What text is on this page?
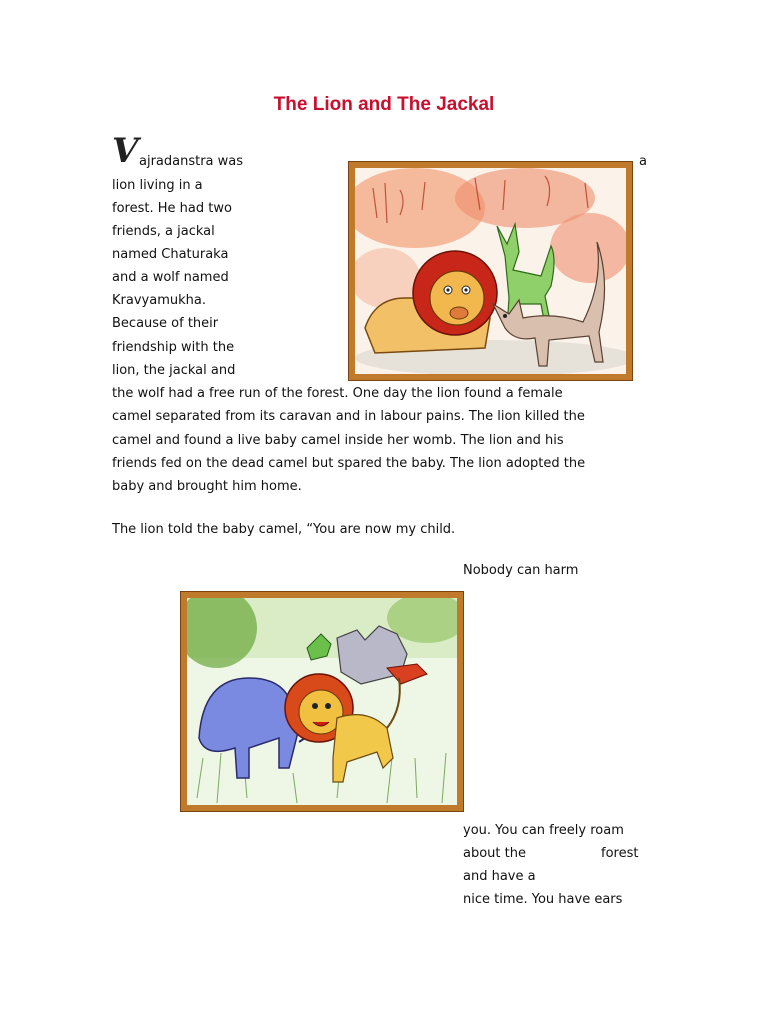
The Lion and The Jackal
V ajradanstra was	a
lion living in a
forest. He had two
friends, a jackal
named Chaturaka
and a wolf named
Kravyamukha.
Because of their
friendship with the
lion, the jackal and
the wolf had a free run of the forest. One day the lion found a female
camel separated from its caravan and in labour pains. The lion killed the
camel and found a live baby camel inside her womb. The lion and his
friends fed on the dead camel but spared the baby. The lion adopted the
baby and brought him home.
The lion told the baby camel, “You are now my child.
Nobody can harm
you. You can freely roam
about the	forest
and have a
nice time. You have ears
